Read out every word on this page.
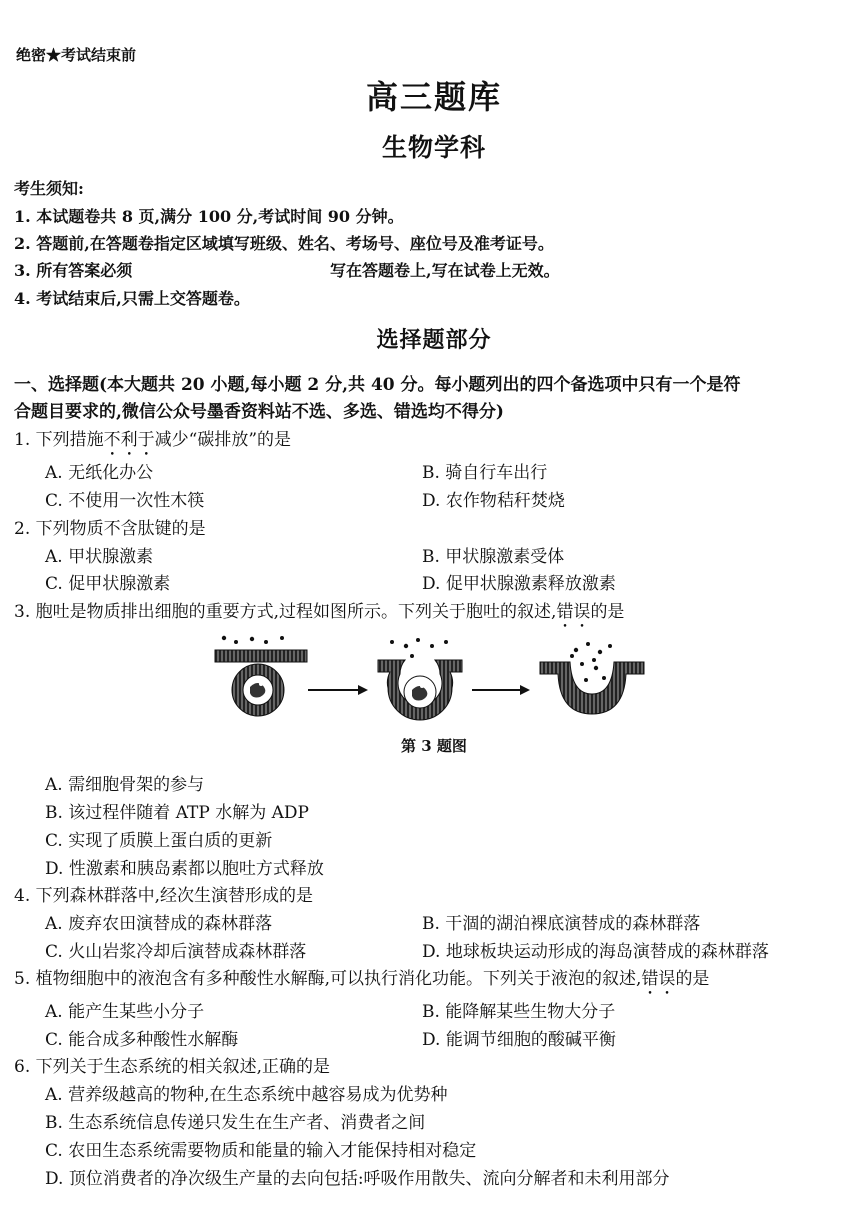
绝密★考试结束前
高三题库
生物学科
考生须知:
1. 本试题卷共 8 页,满分 100 分,考试时间 90 分钟。
2. 答题前,在答题卷指定区域填写班级、姓名、考场号、座位号及准考证号。
3. 所有答案必须	写在答题卷上,写在试卷上无效。
4. 考试结束后,只需上交答题卷。
选择题部分
一、选择题(本大题共 20 小题,每小题 2 分,共 40 分。每小题列出的四个备选项中只有一个是符
合题目要求的,微信公众号墨香资料站不选、多选、错选均不得分)
1. 下列措施不利于减少“碳排放”的是
A. 无纸化办公	B. 骑自行车出行
C. 不使用一次性木筷	D. 农作物秸秆焚烧
2. 下列物质不含肽键的是
A. 甲状腺激素	B. 甲状腺激素受体
C. 促甲状腺激素	D. 促甲状腺激素释放激素
3. 胞吐是物质排出细胞的重要方式,过程如图所示。下列关于胞吐的叙述,错误的是
第 3 题图
A. 需细胞骨架的参与
B. 该过程伴随着 ATP 水解为 ADP
C. 实现了质膜上蛋白质的更新
D. 性激素和胰岛素都以胞吐方式释放
4. 下列森林群落中,经次生演替形成的是
A. 废弃农田演替成的森林群落	B. 干涸的湖泊裸底演替成的森林群落
C. 火山岩浆冷却后演替成森林群落	D. 地球板块运动形成的海岛演替成的森林群落
5. 植物细胞中的液泡含有多种酸性水解酶,可以执行消化功能。下列关于液泡的叙述,错误的是
A. 能产生某些小分子	B. 能降解某些生物大分子
C. 能合成多种酸性水解酶	D. 能调节细胞的酸碱平衡
6. 下列关于生态系统的相关叙述,正确的是
A. 营养级越高的物种,在生态系统中越容易成为优势种
B. 生态系统信息传递只发生在生产者、消费者之间
C. 农田生态系统需要物质和能量的输入才能保持相对稳定
D. 顶位消费者的净次级生产量的去向包括:呼吸作用散失、流向分解者和未利用部分
